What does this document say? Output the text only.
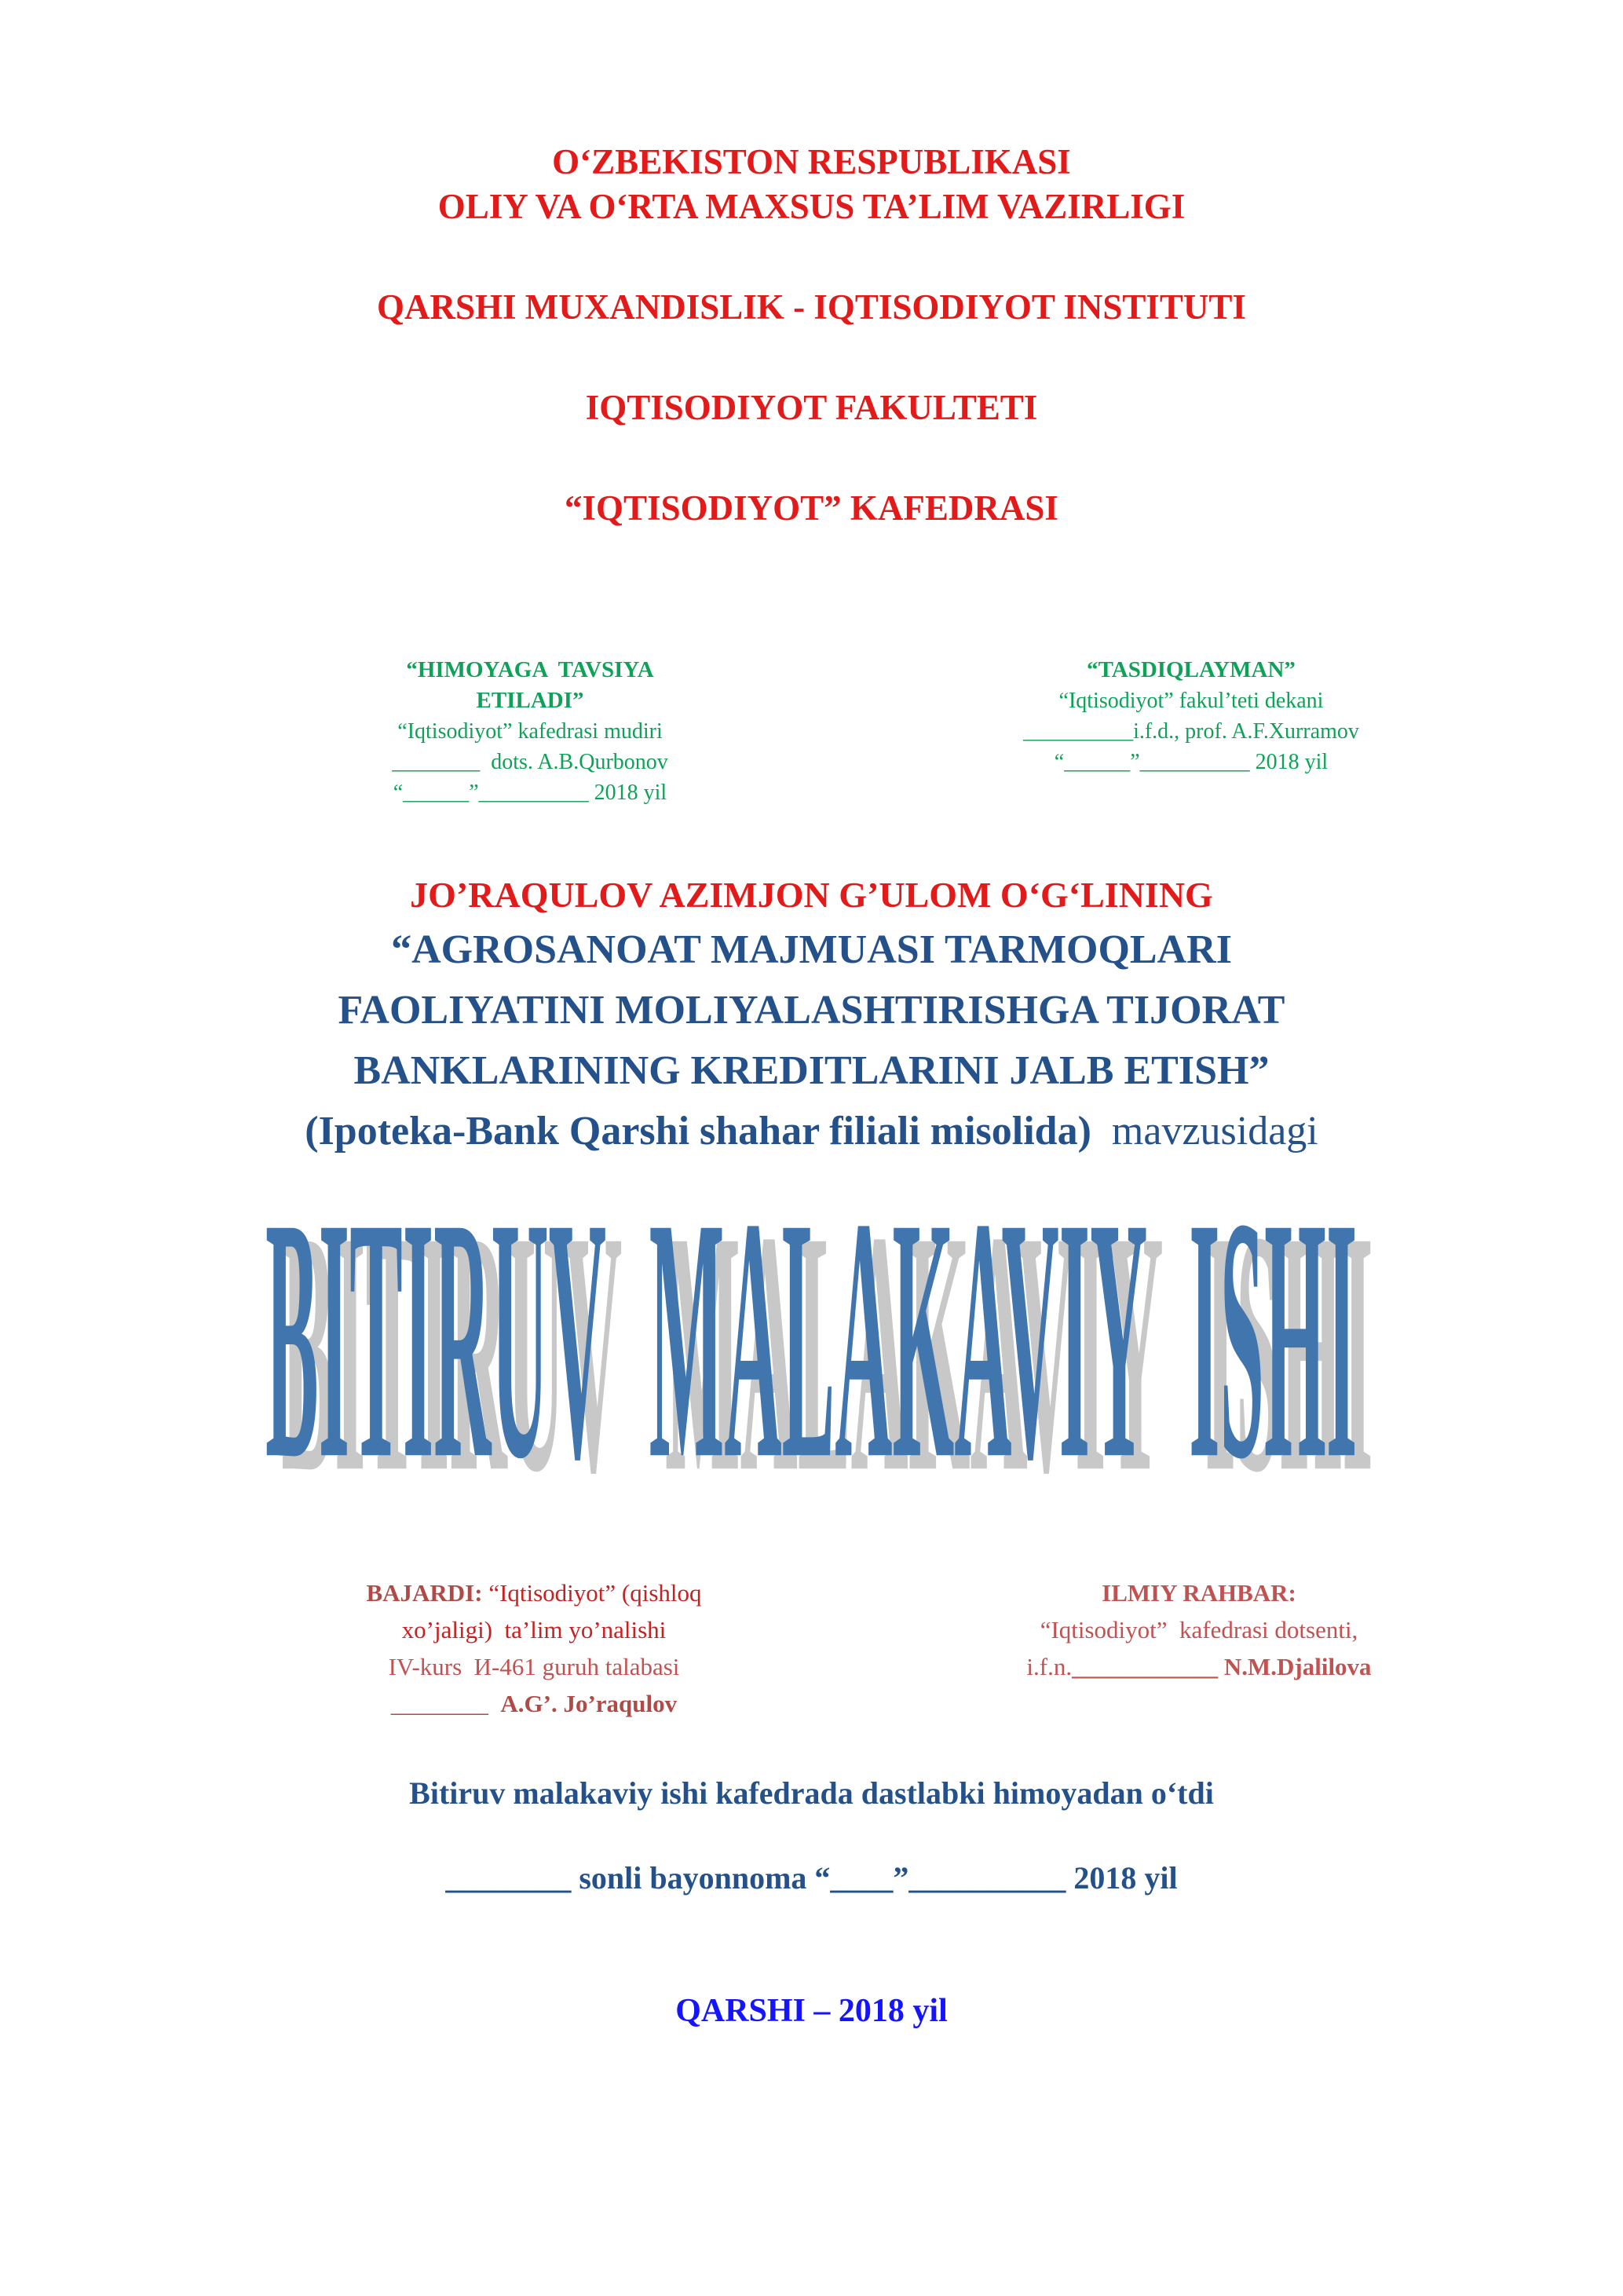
O‘ZBEKISTON RESPUBLIKASI
OLIY VA O‘RTA MAXSUS TA’LIM VAZIRLIGI
QARSHI MUXANDISLIK - IQTISODIYOT INSTITUTI
IQTISODIYOT FAKULTETI
“IQTISODIYOT” KAFEDRASI
“HIMOYAGA  TAVSIYA
ETILADI”
“Iqtisodiyot” kafedrasi mudiri
________  dots. A.B.Qurbonov
“______”__________ 2018 yil
“TASDIQLAYMAN”
“Iqtisodiyot” fakul’teti dekani
__________i.f.d., prof. A.F.Xurramov
“______”__________ 2018 yil
JO’RAQULOV AZIMJON G’ULOM O‘G‘LINING
“AGROSANOAT MAJMUASI TARMOQLARI
FAOLIYATINI MOLIYALASHTIRISHGA TIJORAT
BANKLARINING KREDITLARINI JALB ETISH”
(Ipoteka-Bank Qarshi shahar filiali misolida)  mavzusidagi
BITIRUV MALAKAVIY ISHI
BAJARDI: “Iqtisodiyot” (qishloq
xo’jaligi)  ta’lim yo’nalishi
IV-kurs  И-461 guruh talabasi
________  A.G’. Jo’raqulov
ILMIY RAHBAR:
“Iqtisodiyot”  kafedrasi dotsenti,
i.f.n.____________ N.M.Djalilova
Bitiruv malakaviy ishi kafedrada dastlabki himoyadan o‘tdi
________ sonli bayonnoma “____”__________ 2018 yil
QARSHI – 2018 yil
